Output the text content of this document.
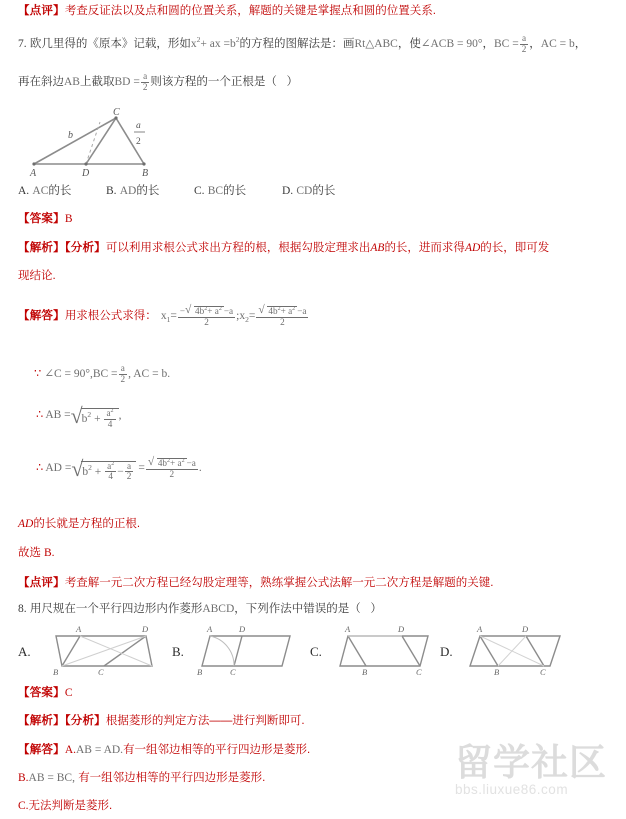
【点评】考查反证法以及点和圆的位置关系，解题的关键是掌握点和圆的位置关系.
7. 欧几里得的《原本》记载，形如$x^2+$ ax $=b^2$的方程的图解法是：画Rt△ABC，使∠ACB = 90°，BC = $\frac{a}{2}$ ，AC = b，
再在斜边AB上截取BD = $\frac{a}{2}$ 则该方程的一个正根是（ ）
A	D	B
C
b
a
2
A. AC的长	B. AD的长	C. BC的长	D. CD的长
【答案】B
【解析】【分析】可以利用求根公式求出方程的根，根据勾股定理求出AB的长，进而求得AD的长，即可发
现结论.
【解答】用求根公式求得： $x_1= \frac{- √ 4b^2+ a^2 -a}{2}$ $;x_2= \frac{√ 4b^2+ a^2 -a}{2}$
∵ ∠C = $90^\circ,BC = \frac{a}{2}$ , AC = b.
∴ AB = √ $b^2 + \frac{a^2}{4}$ ,
∴ AD = √ $b^2 + \frac{a^2}{4} - \frac{a}{2} = \frac{√ 4b^2+ a^2 -a}{2}$ .
AD的长就是方程的正根.
故选 B.
【点评】考查解一元二次方程已经勾股定理等，熟练掌握公式法解一元二次方程是解题的关键.
8. 用尺规在一个平行四边形内作菱形ABCD，下列作法中错误的是（ ）
A.
A	D
B	C
B.
A	D
B	C
C.
A	D
B	C
D.
A	D
B	C
【答案】C
【解析】【分析】根据菱形的判定方法——进行判断即可.
【解答】A.AB = AD.有一组邻边相等的平行四边形是菱形.
B.AB = BC, 有一组邻边相等的平行四边形是菱形.
C.无法判断是菱形.
留学社区
bbs.liuxue86.com
